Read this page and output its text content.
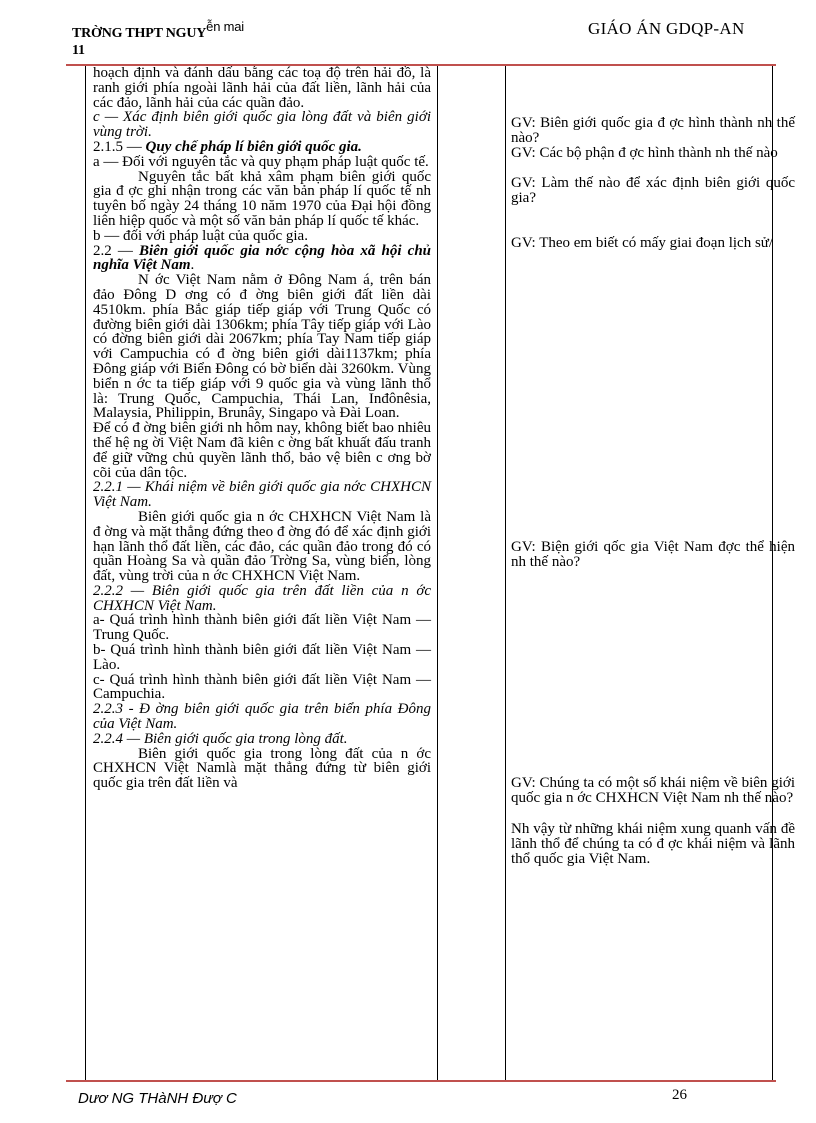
TRỜNG THPT NGUYễn mai
11
GIÁO ÁN GDQP-AN

hoạch định và đánh dấu bằng các toạ độ trên hải đồ, là ranh giới phía ngoài lãnh hải của đất liền, lãnh hải của các đảo, lãnh hải của các quần đảo.

c — Xác định biên giới quốc gia lòng đất và biên giới vùng trời.

2.1.5 — Quy chế pháp lí biên giới quốc gia.

a — Đối với nguyên tắc và quy phạm pháp luật quốc tế.

Nguyên tắc bất khả xâm phạm biên giới quốc gia đ ợc ghi nhận trong các văn bản pháp lí quốc tế nh tuyên bố ngày 24 tháng 10 năm 1970 của Đại hội đồng liên hiệp quốc và một số văn bản pháp lí quốc tế khác.

b — đối với pháp luật của quốc gia.

2.2 — Biên giới quốc gia nớc cộng hòa xã hội chủ nghĩa Việt Nam.

N ớc Việt Nam nằm ở Đông Nam á, trên bán đảo Đông D ơng có đ ờng biên giới đất liền dài 4510km. phía Bắc giáp tiếp giáp với Trung Quốc có đường biên giới dài 1306km; phía Tây tiếp giáp với Lào có đờng biên giới dài 2067km; phía Tay Nam tiếp giáp với Campuchia có đ ờng biên giới dài1137km; phía Đông giáp với Biển Đông có bờ biển dài 3260km. Vùng biển n ớc ta tiếp giáp với 9 quốc gia và vùng lãnh thổ là: Trung Quốc, Campuchia, Thái Lan, Inđônêsia, Malaysia, Philippin, Brunây, Singapo và Đài Loan.

Để có đ ờng biên giới nh hôm nay, không biết bao nhiêu thế hệ ng ời Việt Nam đã kiên c ờng bất khuất đấu tranh để giữ vững chủ quyền lãnh thổ, bảo vệ biên c ơng bờ cõi của dân tộc.

2.2.1 — Khái niệm về biên giới quốc gia nớc CHXHCN Việt Nam.

Biên giới quốc gia n ớc CHXHCN Việt Nam là đ ờng và mặt thẳng đứng theo đ ờng đó để xác định giới hạn lãnh thổ đất liền, các đảo, các quần đảo trong đó có quần Hoàng Sa và quần đảo Trờng Sa, vùng biển, lòng đất, vùng trời của n ớc CHXHCN Việt Nam.

2.2.2 — Biên giới quốc gia trên đất liền của n ớc CHXHCN Việt Nam.

a- Quá trình hình thành biên giới đất liền Việt Nam — Trung Quốc.

b- Quá trình hình thành biên giới đất liền Việt Nam — Lào.

c- Quá trình hình thành biên giới đất liền Việt Nam — Campuchia.

2.2.3 - Đ ờng biên giới quốc gia trên biển phía Đông của Việt Nam.

2.2.4 — Biên giới quốc gia trong lòng đất.

Biên giới quốc gia trong lòng đất của n ớc CHXHCN Việt Namlà mặt thẳng đứng từ biên giới quốc gia trên đất liền và

GV: Biên giới quốc gia đ ợc hình thành nh thế nào?

GV: Các bộ phận đ ợc hình thành nh thế nào

GV: Làm thế nào để xác định biên giới quốc gia?

GV: Theo em biết có mấy giai đoạn lịch sử/

GV: Biện giới qốc gia Việt Nam đợc thể hiện nh thế nào?

GV: Chúng ta có một số khái niệm về biên giới quốc gia n ớc CHXHCN Việt Nam nh thế nào?

Nh vậy từ những khái niệm xung quanh vấn đề lãnh thổ để chúng ta có đ ợc khái niệm và lãnh thổ quốc gia Việt Nam.

Dươ NG THàNH Đượ C	26
